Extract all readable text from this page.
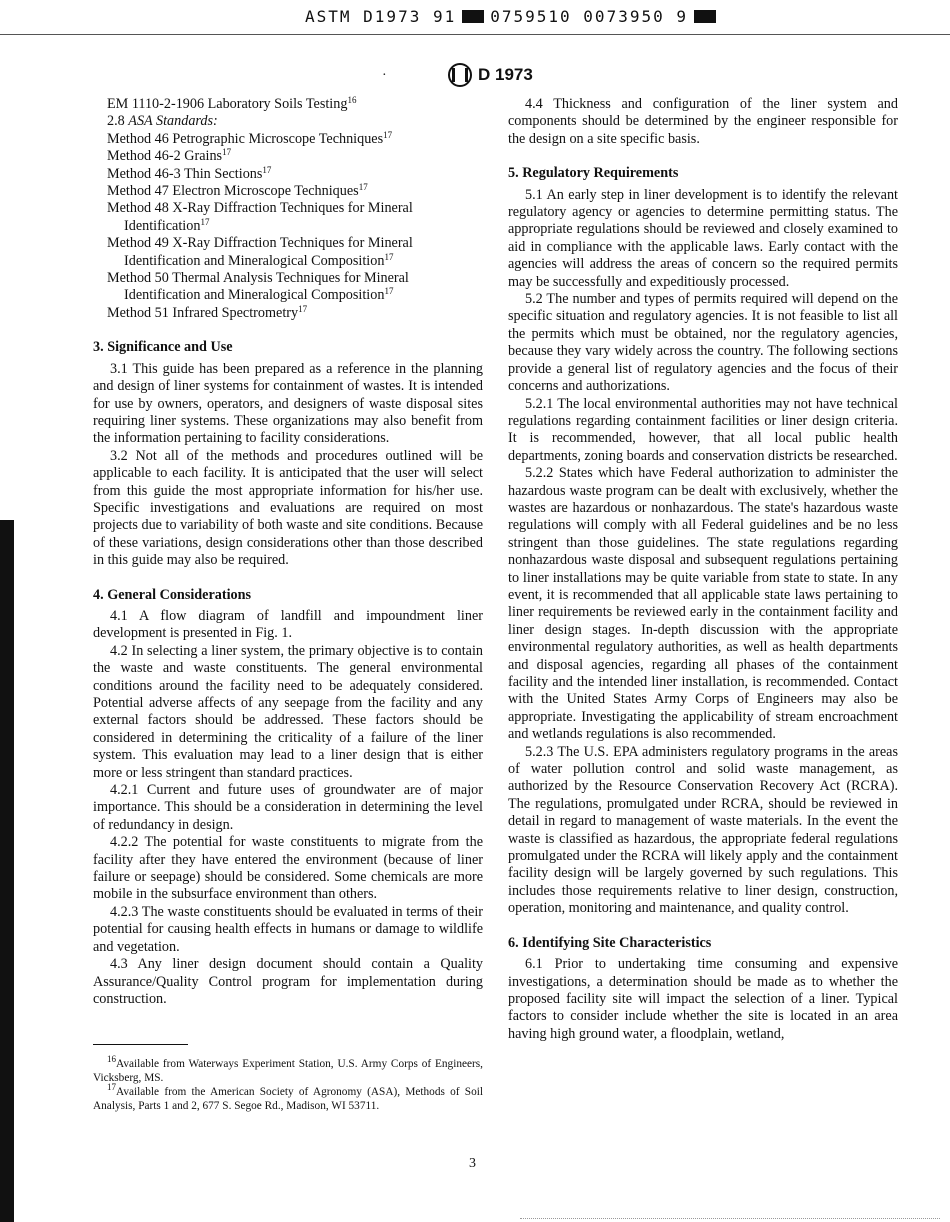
ASTM D1973 91 0759510 0073950 9
·	D 1973

EM 1110-2-1906 Laboratory Soils Testing$^{16}$

2.8 ASA Standards:

Method 46 Petrographic Microscope Techniques$^{17}$

Method 46-2 Grains$^{17}$

Method 46-3 Thin Sections$^{17}$

Method 47 Electron Microscope Techniques$^{17}$

Method 48 X-Ray Diffraction Techniques for Mineral Identification$^{17}$

Method 49 X-Ray Diffraction Techniques for Mineral Identification and Mineralogical Composition$^{17}$

Method 50 Thermal Analysis Techniques for Mineral Identification and Mineralogical Composition$^{17}$

Method 51 Infrared Spectrometry$^{17}$

3. Significance and Use

3.1 This guide has been prepared as a reference in the planning and design of liner systems for containment of wastes. It is intended for use by owners, operators, and designers of waste disposal sites requiring liner systems. These organizations may also benefit from the information pertaining to facility considerations.

3.2 Not all of the methods and procedures outlined will be applicable to each facility. It is anticipated that the user will select from this guide the most appropriate information for his/her use. Specific investigations and evaluations are required on most projects due to variability of both waste and site conditions. Because of these variations, design considerations other than those described in this guide may also be required.

4. General Considerations

4.1 A flow diagram of landfill and impoundment liner development is presented in Fig. 1.

4.2 In selecting a liner system, the primary objective is to contain the waste and waste constituents. The general environmental conditions around the facility need to be adequately considered. Potential adverse affects of any seepage from the facility and any external factors should be addressed. These factors should be considered in determining the criticality of a failure of the liner system. This evaluation may lead to a liner design that is either more or less stringent than standard practices.

4.2.1 Current and future uses of groundwater are of major importance. This should be a consideration in determining the level of redundancy in design.

4.2.2 The potential for waste constituents to migrate from the facility after they have entered the environment (because of liner failure or seepage) should be considered. Some chemicals are more mobile in the subsurface environment than others.

4.2.3 The waste constituents should be evaluated in terms of their potential for causing health effects in humans or damage to wildlife and vegetation.

4.3 Any liner design document should contain a Quality Assurance/Quality Control program for implementation during construction.

$^{16}$Available from Waterways Experiment Station, U.S. Army Corps of Engineers, Vicksberg, MS.

$^{17}$Available from the American Society of Agronomy (ASA), Methods of Soil Analysis, Parts 1 and 2, 677 S. Segoe Rd., Madison, WI 53711.

4.4 Thickness and configuration of the liner system and components should be determined by the engineer responsible for the design on a site specific basis.

5. Regulatory Requirements

5.1 An early step in liner development is to identify the relevant regulatory agency or agencies to determine permitting status. The appropriate regulations should be reviewed and closely examined to aid in compliance with the applicable laws. Early contact with the agencies will address the areas of concern so the required permits may be successfully and expeditiously processed.

5.2 The number and types of permits required will depend on the specific situation and regulatory agencies. It is not feasible to list all the permits which must be obtained, nor the regulatory agencies, because they vary widely across the country. The following sections provide a general list of regulatory agencies and the focus of their concerns and authorizations.

5.2.1 The local environmental authorities may not have technical regulations regarding containment facilities or liner design criteria. It is recommended, however, that all local public health departments, zoning boards and conservation districts be researched.

5.2.2 States which have Federal authorization to administer the hazardous waste program can be dealt with exclusively, whether the wastes are hazardous or nonhazardous. The state's hazardous waste regulations will comply with all Federal guidelines and be no less stringent than those guidelines. The state regulations regarding nonhazardous waste disposal and subsequent regulations pertaining to liner installations may be quite variable from state to state. In any event, it is recommended that all applicable state laws pertaining to liner requirements be reviewed early in the containment facility and liner design stages. In-depth discussion with the appropriate environmental regulatory authorities, as well as health departments and disposal agencies, regarding all phases of the containment facility and the intended liner installation, is recommended. Contact with the United States Army Corps of Engineers may also be appropriate. Investigating the applicability of stream encroachment and wetlands regulations is also recommended.

5.2.3 The U.S. EPA administers regulatory programs in the areas of water pollution control and solid waste management, as authorized by the Resource Conservation Recovery Act (RCRA). The regulations, promulgated under RCRA, should be reviewed in detail in regard to management of waste materials. In the event the waste is classified as hazardous, the appropriate federal regulations promulgated under the RCRA will likely apply and the containment facility design will be largely governed by such regulations. This includes those requirements relative to liner design, construction, operation, monitoring and maintenance, and quality control.

6. Identifying Site Characteristics

6.1 Prior to undertaking time consuming and expensive investigations, a determination should be made as to whether the proposed facility site will impact the selection of a liner. Typical factors to consider include whether the site is located in an area having high ground water, a floodplain, wetland,

3
